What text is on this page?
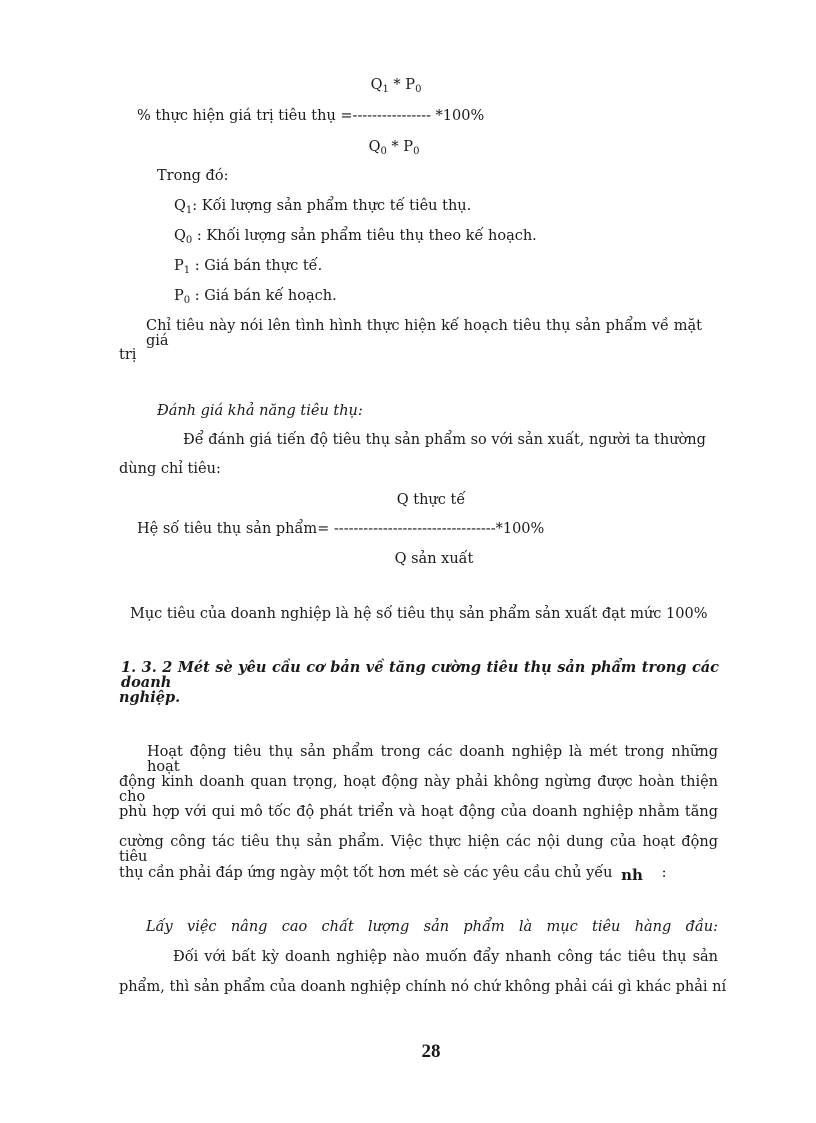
$Q_1 * P_0$
% thực hiện giá trị tiêu thụ =---------------- *100%
$Q_0 * P_0$
Trong đó:
$Q_1$: Kối lượng sản phẩm thực tế tiêu thụ.
$Q_0$ : Khối lượng sản phẩm tiêu thụ theo kế hoạch.
$P_1$ : Giá bán thực tế.
$P_0$ : Giá bán kế hoạch.
Chỉ tiêu này nói lên tình hình thực hiện kế hoạch tiêu thụ sản phẩm về mặt giá
trị
Đánh giá khả năng tiêu thụ:
Để đánh giá tiến độ tiêu thụ sản phẩm so với sản xuất, người ta thường
dùng chỉ tiêu:
Q thực tế
Hệ số tiêu thụ sản phẩm= ---------------------------------*100%
Q sản xuất
Mục tiêu của doanh nghiệp là hệ số tiêu thụ sản phẩm sản xuất đạt mức 100%
1. 3. 2 Mét sè yêu cầu cơ bản về tăng cường tiêu thụ sản phẩm trong các doanh
nghiệp.
Hoạt động tiêu thụ sản phẩm trong các doanh nghiệp là mét trong những hoạt
động kinh doanh quan trọng, hoạt động này phải không ngừng được hoàn thiện cho
phù hợp với qui mô tốc độ phát triển và hoạt động của doanh nghiệp nhằm tăng
cường công tác tiêu thụ sản phẩm. Việc thực hiện các nội dung của hoạt động tiêu
thụ cần phải đáp ứng ngày một tốt hơn mét sè các yêu cầu chủ yếu nh :
Lấy việc nâng cao chất lượng sản phẩm là mục tiêu hàng đầu:
Đối với bất kỳ doanh nghiệp nào muốn đẩy nhanh công tác tiêu thụ sản
phẩm, thì sản phẩm của doanh nghiệp chính nó chứ không phải cái gì khác phải ní
28
